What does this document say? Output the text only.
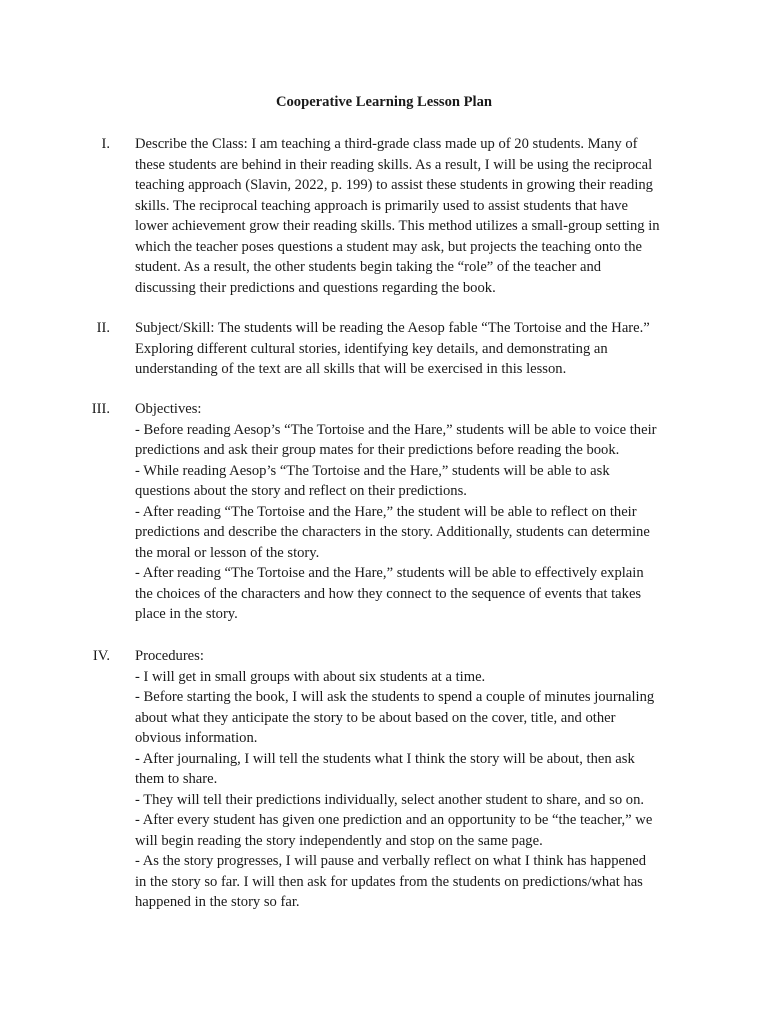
Cooperative Learning Lesson Plan
I. Describe the Class: I am teaching a third-grade class made up of 20 students. Many of
these students are behind in their reading skills. As a result, I will be using the reciprocal
teaching approach (Slavin, 2022, p. 199) to assist these students in growing their reading
skills. The reciprocal teaching approach is primarily used to assist students that have
lower achievement grow their reading skills. This method utilizes a small-group setting in
which the teacher poses questions a student may ask, but projects the teaching onto the
student. As a result, the other students begin taking the “role” of the teacher and
discussing their predictions and questions regarding the book.
II. Subject/Skill: The students will be reading the Aesop fable “The Tortoise and the Hare.”
Exploring different cultural stories, identifying key details, and demonstrating an
understanding of the text are all skills that will be exercised in this lesson.
III. Objectives:
- Before reading Aesop’s “The Tortoise and the Hare,” students will be able to voice their
predictions and ask their group mates for their predictions before reading the book.
- While reading Aesop’s “The Tortoise and the Hare,” students will be able to ask
questions about the story and reflect on their predictions.
- After reading “The Tortoise and the Hare,” the student will be able to reflect on their
predictions and describe the characters in the story. Additionally, students can determine
the moral or lesson of the story.
- After reading “The Tortoise and the Hare,” students will be able to effectively explain
the choices of the characters and how they connect to the sequence of events that takes
place in the story.
IV. Procedures:
- I will get in small groups with about six students at a time.
- Before starting the book, I will ask the students to spend a couple of minutes journaling
about what they anticipate the story to be about based on the cover, title, and other
obvious information.
- After journaling, I will tell the students what I think the story will be about, then ask
them to share.
- They will tell their predictions individually, select another student to share, and so on.
- After every student has given one prediction and an opportunity to be “the teacher,” we
will begin reading the story independently and stop on the same page.
- As the story progresses, I will pause and verbally reflect on what I think has happened
in the story so far. I will then ask for updates from the students on predictions/what has
happened in the story so far.
